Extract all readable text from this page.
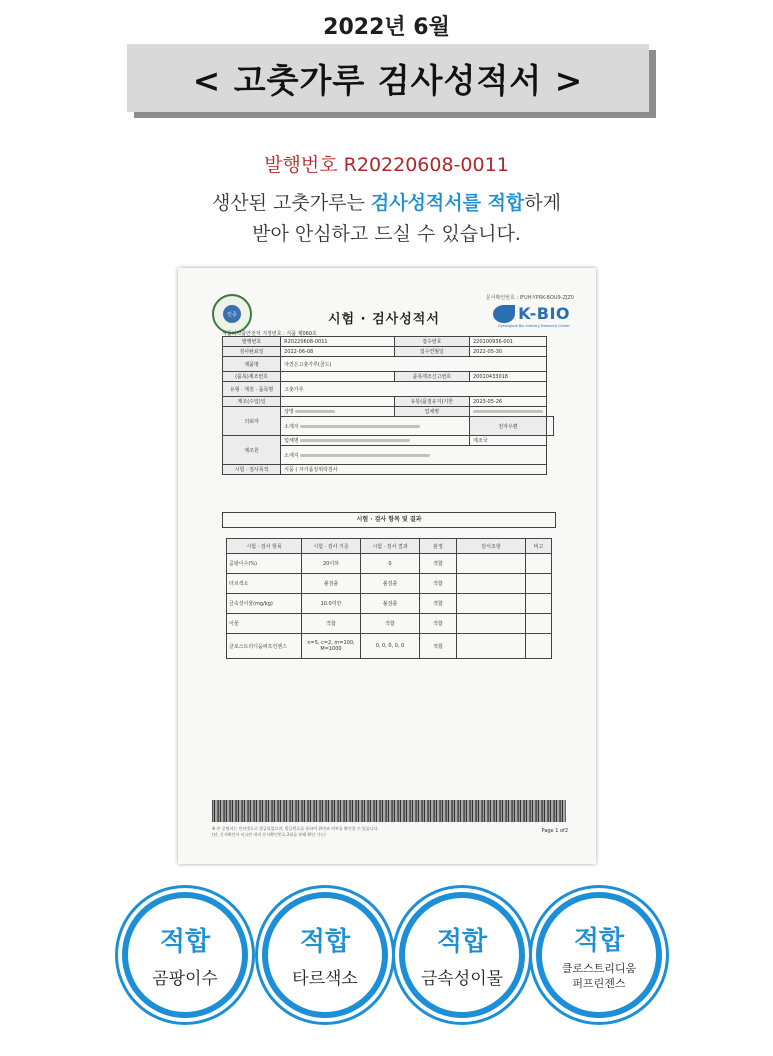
2022년 6월
< 고춧가루 검사성적서 >
발행번호 R20220608-0011
생산된 고춧가루는 검사성적서를 적합하게
받아 안심하고 드실 수 있습니다.
문서확인번호 : IFUH-YPRK-BOU9-ZJZ0
인증	시험 · 검사성적서	K-BIO
Gyeongbuk Bio Industry Research Center
식품의약품안전처 지정번호 : 식품 제060호
발행번호	R20220608-0011	접수번호	220100936-001	
검사완료일	2022-06-08	접수연월일	2022-05-30	
제품명	자연은고춧가루(골드)			
(품목)제조번호		품목제조신고번호	20010433018	
유형 · 재질 · 품목명	고춧가루			
제조(수입)일		유통(품질유지)기한	2023-05-26	
의뢰자	상명	업체명		
	소재지		전자우편	
제조원	업체명		제조국	
	소재지			
시험 · 검사목적	식품 ( 자가품질위탁검사			
시험 · 검사 항목 및 결과
시험 · 검사 항목	시험 · 검사 기준	시험 · 검사 결과	판정	단서조항	비고
곰팡이수(%)	20이하	0	적합		
타르색소	불검출	불검출	적합		
금속성이물(mg/kg)	10.0미만	불검출	적합		
이물	적합	적합	적합		
클로스트리디움퍼프린젠스	n=5, c=2, m=100, M=1000	0, 0, 0, 0, 0	적합		
※ 본 증명서는 인터넷으로 발급되었으며, 발급번호를 통하여 위변조 여부를 확인할 수 있습니다.
(단, 문서확인자 비고란 내의 문서확인번호 2회를 통해 확인 가능)
Page 1 of2
적합
곰팡이수
적합
타르색소
적합
금속성이물
적합
클로스트리디움
퍼프린젠스
